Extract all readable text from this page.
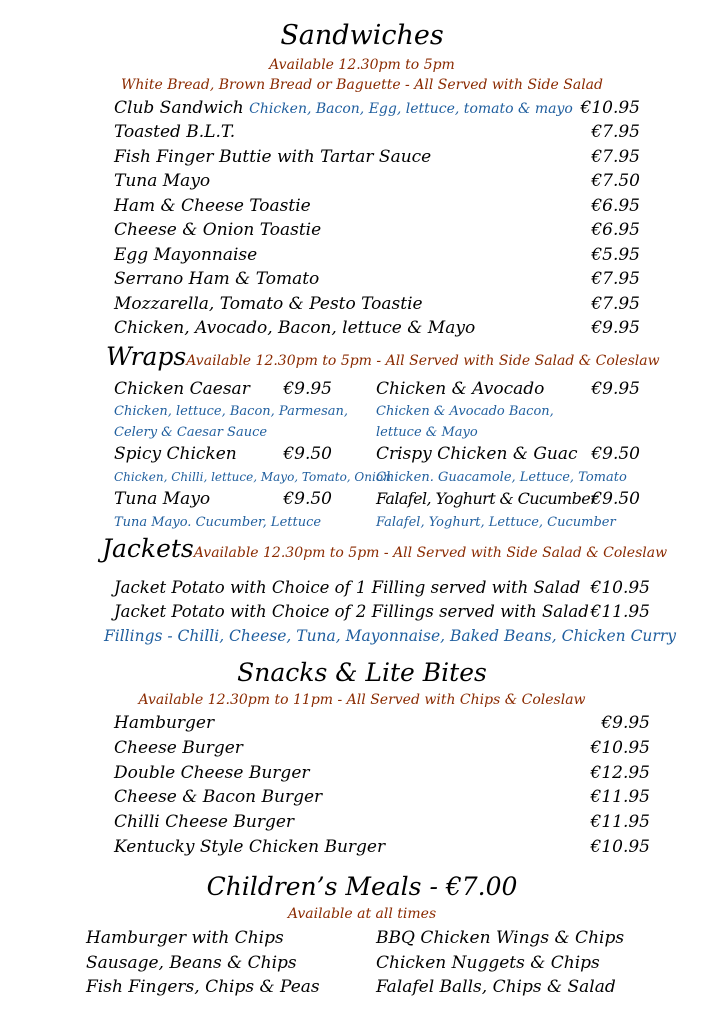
Sandwiches
Available 12.30pm to 5pm
White Bread, Brown Bread or Baguette - All Served with Side Salad
Club Sandwich Chicken, Bacon, Egg, lettuce, tomato & mayo €10.95
Toasted B.L.T.	€7.95
Fish Finger Buttie with Tartar Sauce	€7.95
Tuna Mayo	€7.50
Ham & Cheese Toastie	€6.95
Cheese & Onion Toastie	€6.95
Egg Mayonnaise	€5.95
Serrano Ham & Tomato	€7.95
Mozzarella, Tomato & Pesto Toastie	€7.95
Chicken, Avocado, Bacon, lettuce & Mayo	€9.95
WrapsAvailable 12.30pm to 5pm - All Served with Side Salad & Coleslaw
Chicken Caesar	€9.95
Chicken, lettuce, Bacon, Parmesan,
Celery & Caesar Sauce
Spicy Chicken	€9.50
Chicken, Chilli, lettuce, Mayo, Tomato, Onion
Tuna Mayo	€9.50
Tuna Mayo. Cucumber, Lettuce
Chicken & Avocado	€9.95
Chicken & Avocado Bacon,
lettuce & Mayo
Crispy Chicken & Guac €9.50
Chicken. Guacamole, Lettuce, Tomato
Falafel, Yoghurt & Cucumber
€9.50
Falafel, Yoghurt, Lettuce, Cucumber
JacketsAvailable 12.30pm to 5pm - All Served with Side Salad & Coleslaw
Jacket Potato with Choice of 1 Filling served with Salad €10.95
Jacket Potato with Choice of 2 Fillings served with Salad €11.95
Fillings - Chilli, Cheese, Tuna, Mayonnaise, Baked Beans, Chicken Curry
Snacks & Lite Bites
Available 12.30pm to 11pm - All Served with Chips & Coleslaw
Hamburger	€9.95
Cheese Burger	€10.95
Double Cheese Burger	€12.95
Cheese & Bacon Burger	€11.95
Chilli Cheese Burger	€11.95
Kentucky Style Chicken Burger	€10.95
Children’s Meals - €7.00
Available at all times
Hamburger with Chips
Sausage, Beans & Chips
Fish Fingers, Chips & Peas
BBQ Chicken Wings & Chips
Chicken Nuggets & Chips
Falafel Balls, Chips & Salad
